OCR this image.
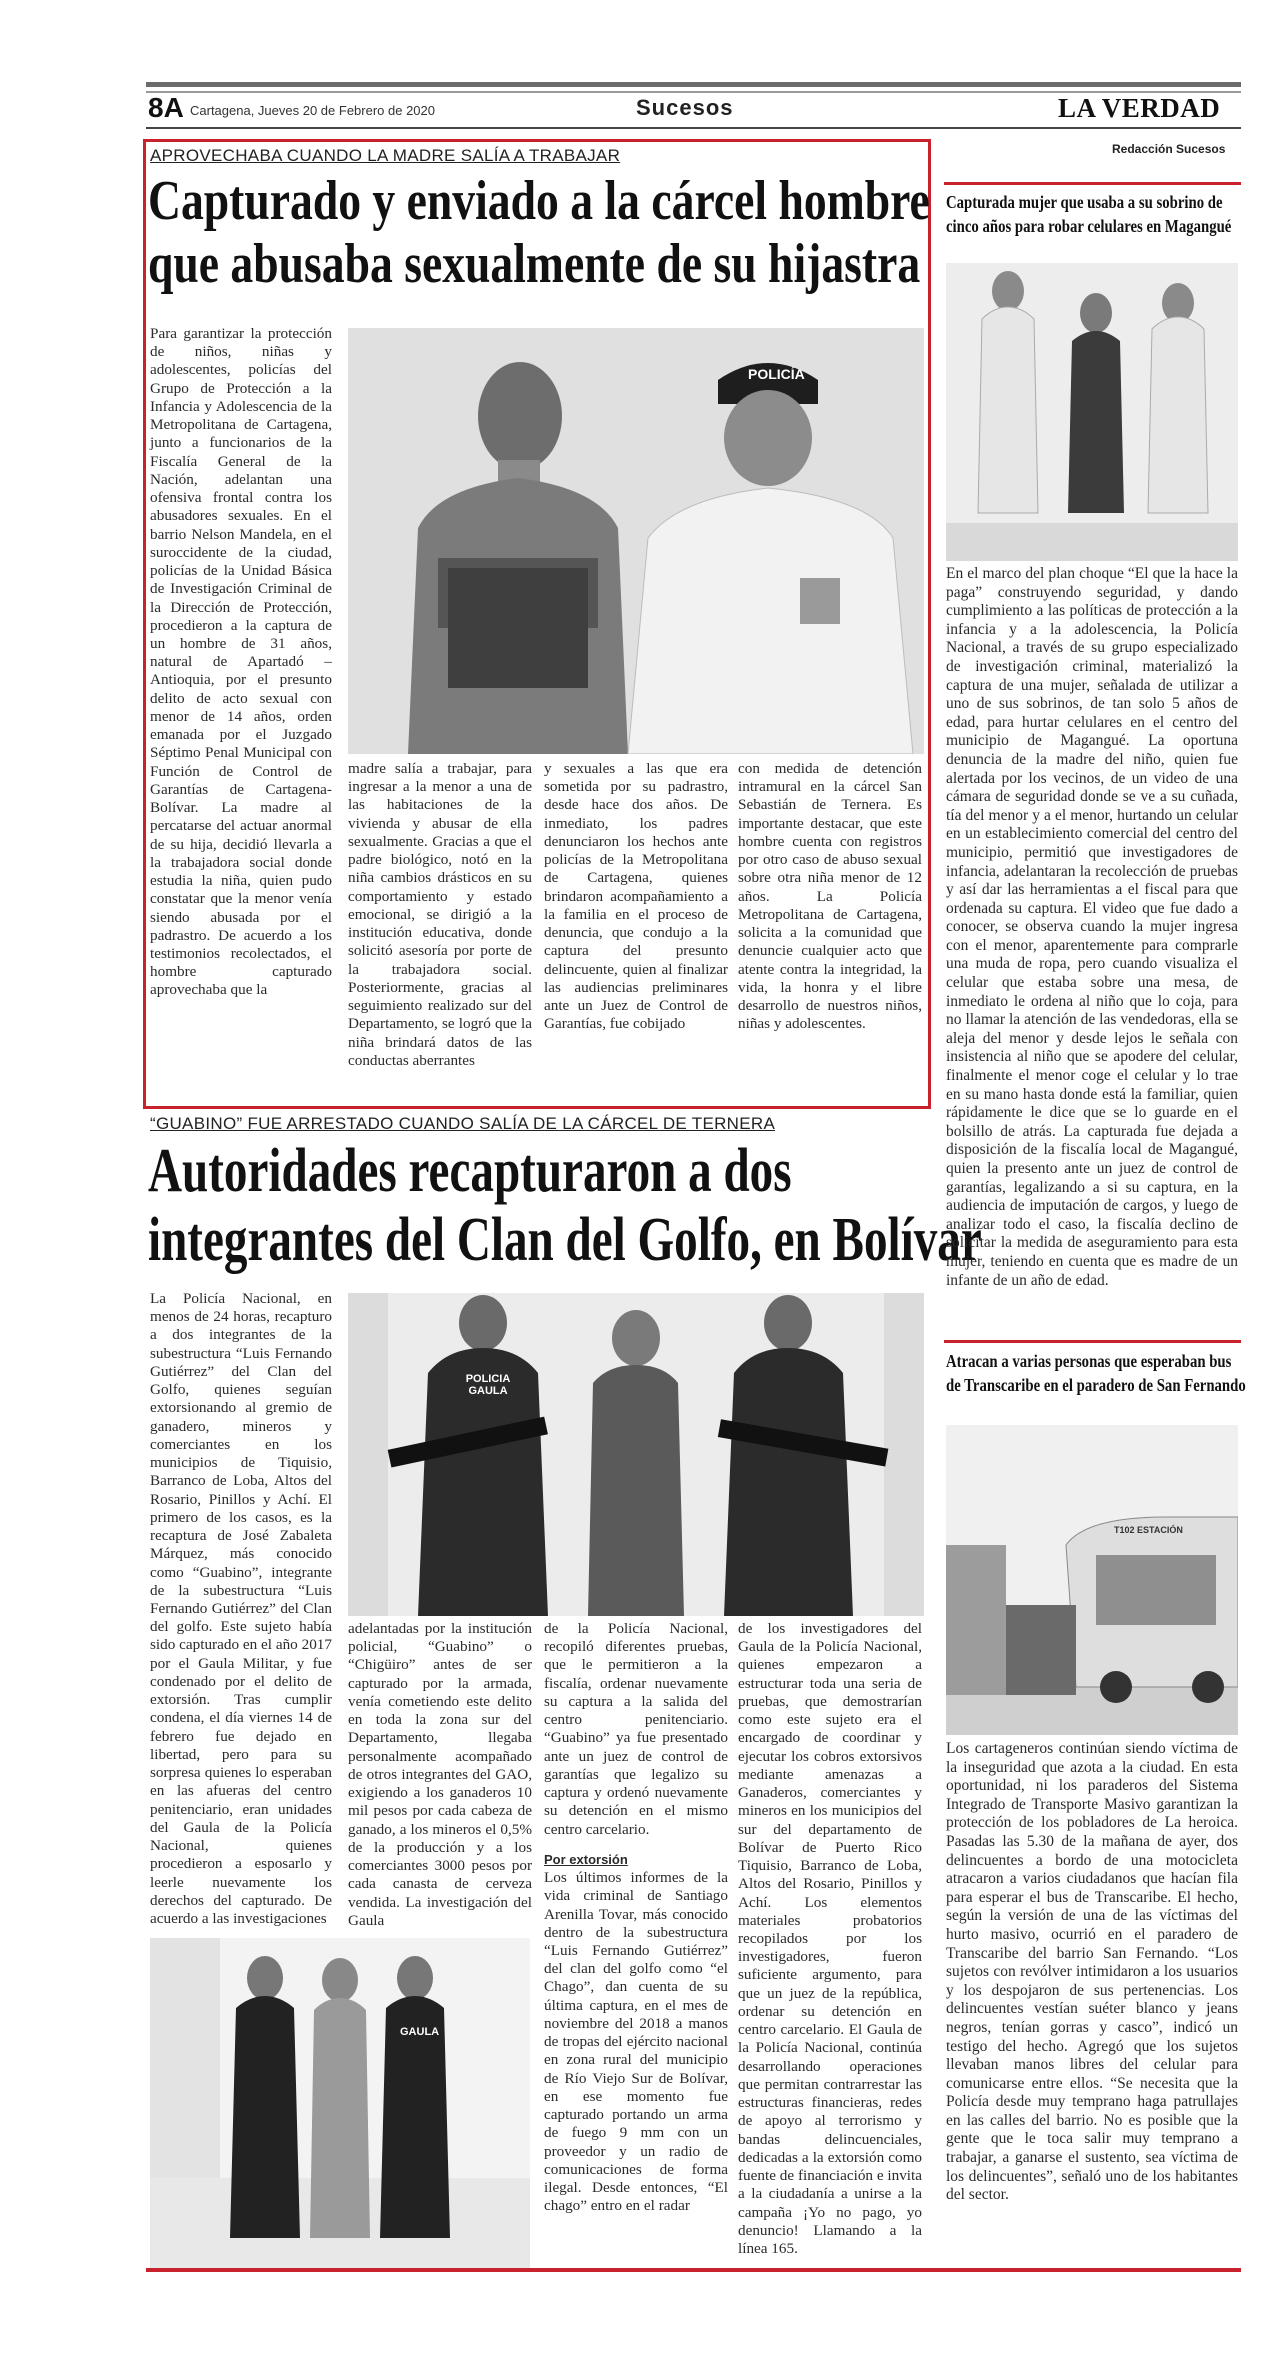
8A Cartagena, Jueves 20 de Febrero de 2020	Sucesos	LA VERDAD
Redacción Sucesos
APROVECHABA CUANDO LA MADRE SALÍA A TRABAJAR
Capturado y enviado a la cárcel hombre
que abusaba sexualmente de su hijastra
Para garantizar la protección de niños, niñas y adolescentes, policías del Grupo de Protección a la Infancia y Adolescencia de la Metropolitana de Cartagena, junto a funcionarios de la Fiscalía General de la Nación, adelantan una ofensiva frontal contra los abusadores sexuales. En el barrio Nelson Mandela, en el suroccidente de la ciudad, policías de la Unidad Básica de Investigación Criminal de la Dirección de Protección, procedieron a la captura de un hombre de 31 años, natural de Apartadó – Antioquia, por el presunto delito de acto sexual con menor de 14 años, orden emanada por el Juzgado Séptimo Penal Municipal con Función de Control de Garantías de Cartagena-Bolívar. La madre al percatarse del actuar anormal de su hija, decidió llevarla a la trabajadora social donde estudia la niña, quien pudo constatar que la menor venía siendo abusada por el padrastro. De acuerdo a los testimonios recolectados, el hombre capturado aprovechaba que la
POLICÍA
madre salía a trabajar, para ingresar a la menor a una de las habitaciones de la vivienda y abusar de ella sexualmente. Gracias a que el padre biológico, notó en la niña cambios drásticos en su comportamiento y estado emocional, se dirigió a la institución educativa, donde solicitó asesoría por porte de la trabajadora social. Posteriormente, gracias al seguimiento realizado sur del Departamento, se logró que la niña brindará datos de las conductas aberrantes
y sexuales a las que era sometida por su padrastro, desde hace dos años. De inmediato, los padres denunciaron los hechos ante policías de la Metropolitana de Cartagena, quienes brindaron acompañamiento a la familia en el proceso de denuncia, que condujo a la captura del presunto delincuente, quien al finalizar las audiencias preliminares ante un Juez de Control de Garantías, fue cobijado
con medida de detención intramural en la cárcel San Sebastián de Ternera. Es importante destacar, que este hombre cuenta con registros por otro caso de abuso sexual sobre otra niña menor de 12 años. La Policía Metropolitana de Cartagena, solicita a la comunidad que denuncie cualquier acto que atente contra la integridad, la vida, la honra y el libre desarrollo de nuestros niños, niñas y adolescentes.
“GUABINO” FUE ARRESTADO CUANDO SALÍA DE LA CÁRCEL DE TERNERA
Autoridades recapturaron a dos
integrantes del Clan del Golfo, en Bolívar
La Policía Nacional, en menos de 24 horas, recapturo a dos integrantes de la subestructura “Luis Fernando Gutiérrez” del Clan del Golfo, quienes seguían extorsionando al gremio de ganadero, mineros y comerciantes en los municipios de Tiquisio, Barranco de Loba, Altos del Rosario, Pinillos y Achí. El primero de los casos, es la recaptura de José Zabaleta Márquez, más conocido como “Guabino”, integrante de la subestructura “Luis Fernando Gutiérrez” del Clan del golfo. Este sujeto había sido capturado en el año 2017 por el Gaula Militar, y fue condenado por el delito de extorsión. Tras cumplir condena, el día viernes 14 de febrero fue dejado en libertad, pero para su sorpresa quienes lo esperaban en las afueras del centro penitenciario, eran unidades del Gaula de la Policía Nacional, quienes procedieron a esposarlo y leerle nuevamente los derechos del capturado. De acuerdo a las investigaciones
POLICIA GAULA
adelantadas por la institución policial, “Guabino” o “Chigüiro” antes de ser capturado por la armada, venía cometiendo este delito en toda la zona sur del Departamento, llegaba personalmente acompañado de otros integrantes del GAO, exigiendo a los ganaderos 10 mil pesos por cada cabeza de ganado, a los mineros el 0,5% de la producción y a los comerciantes 3000 pesos por cada canasta de cerveza vendida. La investigación del Gaula
de la Policía Nacional, recopiló diferentes pruebas, que le permitieron a la fiscalía, ordenar nuevamente su captura a la salida del centro penitenciario. “Guabino” ya fue presentado ante un juez de control de garantías que legalizo su captura y ordenó nuevamente su detención en el mismo centro carcelario.
Por extorsión
Los últimos informes de la vida criminal de Santiago Arenilla Tovar, más conocido dentro de la subestructura “Luis Fernando Gutiérrez” del clan del golfo como “el Chago”, dan cuenta de su última captura, en el mes de noviembre del 2018 a manos de tropas del ejército nacional en zona rural del municipio de Río Viejo Sur de Bolívar, en ese momento fue capturado portando un arma de fuego 9 mm con un proveedor y un radio de comunicaciones de forma ilegal. Desde entonces, “El chago” entro en el radar
de los investigadores del Gaula de la Policía Nacional, quienes empezaron a estructurar toda una seria de pruebas, que demostrarían como este sujeto era el encargado de coordinar y ejecutar los cobros extorsivos mediante amenazas a Ganaderos, comerciantes y mineros en los municipios del sur del departamento de Bolívar de Puerto Rico Tiquisio, Barranco de Loba, Altos del Rosario, Pinillos y Achí. Los elementos materiales probatorios recopilados por los investigadores, fueron suficiente argumento, para que un juez de la república, ordenar su detención en centro carcelario. El Gaula de la Policía Nacional, continúa desarrollando operaciones que permitan contrarrestar las estructuras financieras, redes de apoyo al terrorismo y bandas delincuenciales, dedicadas a la extorsión como fuente de financiación e invita a la ciudadanía a unirse a la campaña ¡Yo no pago, yo denuncio! Llamando a la línea 165.
GAULA
Capturada mujer que usaba a su sobrino de
cinco años para robar celulares en Magangué
En el marco del plan choque “El que la hace la paga” construyendo seguridad, y dando cumplimiento a las políticas de protección a la infancia y a la adolescencia, la Policía Nacional, a través de su grupo especializado de investigación criminal, materializó la captura de una mujer, señalada de utilizar a uno de sus sobrinos, de tan solo 5 años de edad, para hurtar celulares en el centro del municipio de Magangué. La oportuna denuncia de la madre del niño, quien fue alertada por los vecinos, de un video de una cámara de seguridad donde se ve a su cuñada, tía del menor y a el menor, hurtando un celular en un establecimiento comercial del centro del municipio, permitió que investigadores de infancia, adelantaran la recolección de pruebas y así dar las herramientas a el fiscal para que ordenada su captura. El video que fue dado a conocer, se observa cuando la mujer ingresa con el menor, aparentemente para comprarle una muda de ropa, pero cuando visualiza el celular que estaba sobre una mesa, de inmediato le ordena al niño que lo coja, para no llamar la atención de las vendedoras, ella se aleja del menor y desde lejos le señala con insistencia al niño que se apodere del celular, finalmente el menor coge el celular y lo trae en su mano hasta donde está la familiar, quien rápidamente le dice que se lo guarde en el bolsillo de atrás. La capturada fue dejada a disposición de la fiscalía local de Magangué, quien la presento ante un juez de control de garantías, legalizando a si su captura, en la audiencia de imputación de cargos, y luego de analizar todo el caso, la fiscalía declino de solicitar la medida de aseguramiento para esta mujer, teniendo en cuenta que es madre de un infante de un año de edad.
Atracan a varias personas que esperaban bus
de Transcaribe en el paradero de San Fernando
T102 ESTACIÓN
Los cartageneros continúan siendo víctima de la inseguridad que azota a la ciudad. En esta oportunidad, ni los paraderos del Sistema Integrado de Transporte Masivo garantizan la protección de los pobladores de La heroica. Pasadas las 5.30 de la mañana de ayer, dos delincuentes a bordo de una motocicleta atracaron a varios ciudadanos que hacían fila para esperar el bus de Transcaribe. El hecho, según la versión de una de las víctimas del hurto masivo, ocurrió en el paradero de Transcaribe del barrio San Fernando. “Los sujetos con revólver intimidaron a los usuarios y los despojaron de sus pertenencias. Los delincuentes vestían suéter blanco y jeans negros, tenían gorras y casco”, indicó un testigo del hecho. Agregó que los sujetos llevaban manos libres del celular para comunicarse entre ellos. “Se necesita que la Policía desde muy temprano haga patrullajes en las calles del barrio. No es posible que la gente que le toca salir muy temprano a trabajar, a ganarse el sustento, sea víctima de los delincuentes”, señaló uno de los habitantes del sector.
